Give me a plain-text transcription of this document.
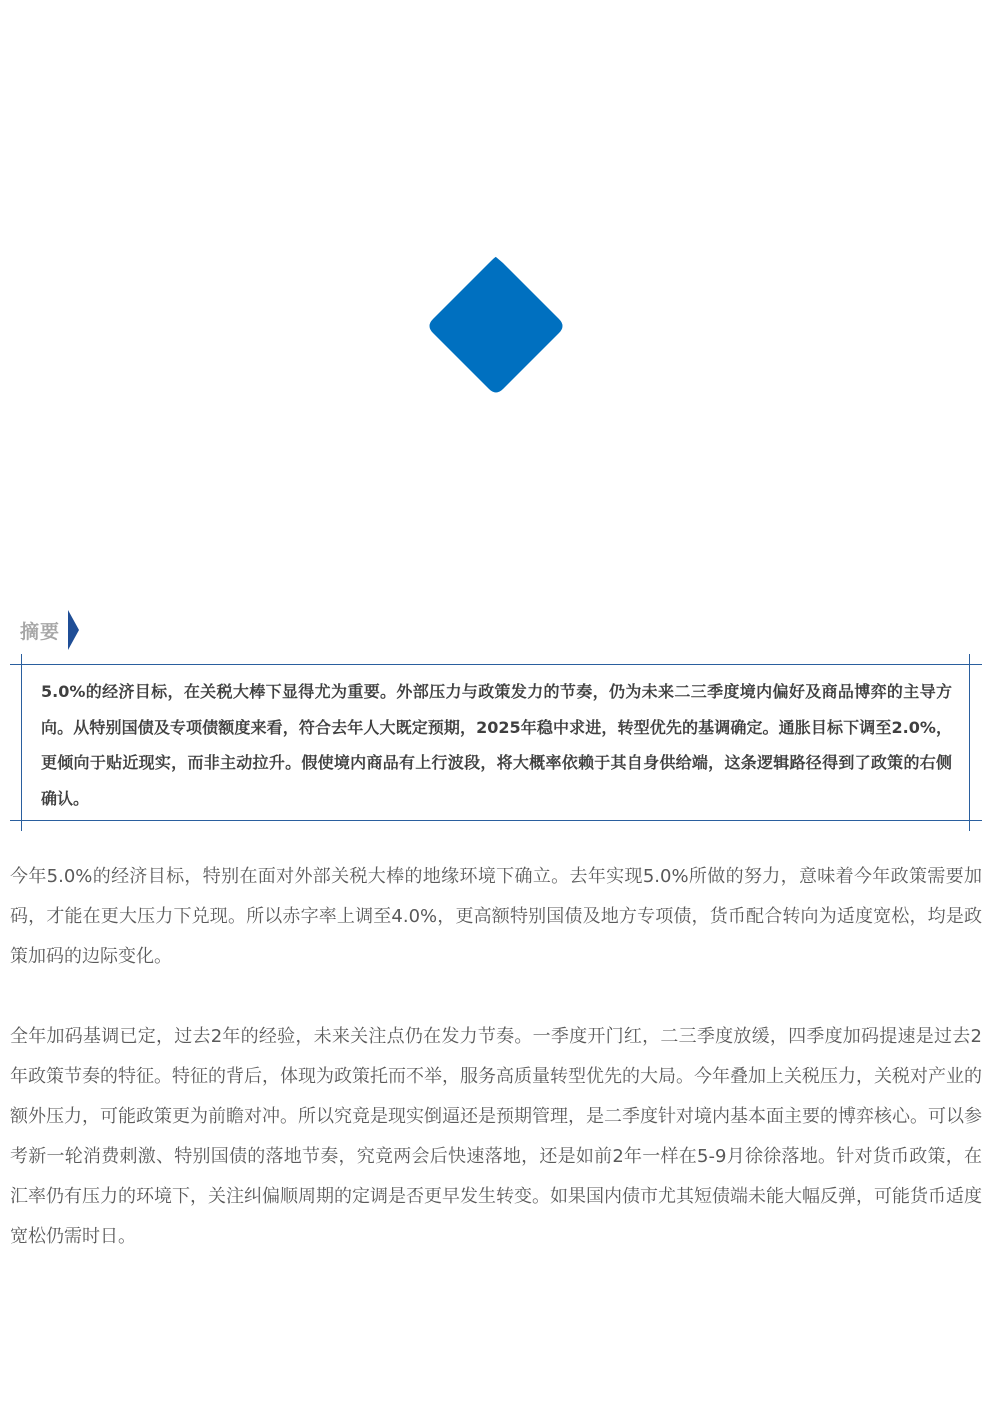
摘要

5.0%的经济目标，在关税大棒下显得尤为重要。外部压力与政策发力的节奏，仍为未来二三季度境内偏好及商品博弈的主导方向。从特别国债及专项债额度来看，符合去年人大既定预期，2025年稳中求进，转型优先的基调确定。通胀目标下调至2.0%，更倾向于贴近现实，而非主动拉升。假使境内商品有上行波段，将大概率依赖于其自身供给端，这条逻辑路径得到了政策的右侧确认。

今年5.0%的经济目标，特别在面对外部关税大棒的地缘环境下确立。去年实现5.0%所做的努力，意味着今年政策需要加码，才能在更大压力下兑现。所以赤字率上调至4.0%，更高额特别国债及地方专项债，货币配合转向为适度宽松，均是政策加码的边际变化。

全年加码基调已定，过去2年的经验，未来关注点仍在发力节奏。一季度开门红，二三季度放缓，四季度加码提速是过去2年政策节奏的特征。特征的背后，体现为政策托而不举，服务高质量转型优先的大局。今年叠加上关税压力，关税对产业的额外压力，可能政策更为前瞻对冲。所以究竟是现实倒逼还是预期管理，是二季度针对境内基本面主要的博弈核心。可以参考新一轮消费刺激、特别国债的落地节奏，究竟两会后快速落地，还是如前2年一样在5-9月徐徐落地。针对货币政策，在汇率仍有压力的环境下，关注纠偏顺周期的定调是否更早发生转变。如果国内债市尤其短债端未能大幅反弹，可能货币适度宽松仍需时日。
